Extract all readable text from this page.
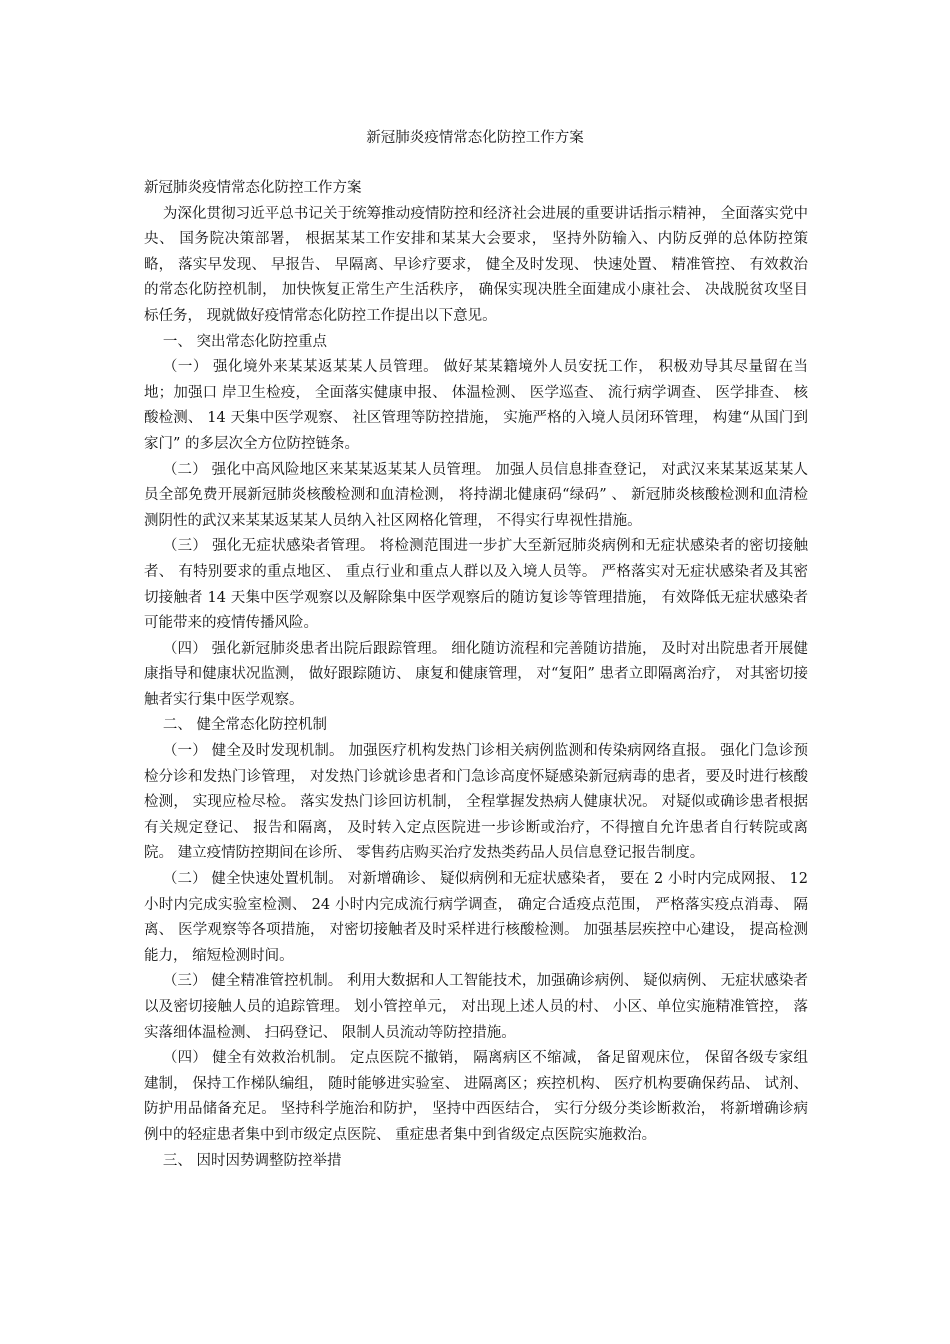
新冠肺炎疫情常态化防控工作方案

新冠肺炎疫情常态化防控工作方案

为深化贯彻习近平总书记关于统筹推动疫情防控和经济社会进展的重要讲话指示精神， 全面落实党中央、 国务院决策部署， 根据某某工作安排和某某大会要求， 坚持外防输入、内防反弹的总体防控策略， 落实早发现、 早报告、 早隔离、早诊疗要求， 健全及时发现、 快速处置、 精准管控、 有效救治的常态化防控机制， 加快恢复正常生产生活秩序， 确保实现决胜全面建成小康社会、 决战脱贫攻坚目 标任务， 现就做好疫情常态化防控工作提出以下意见。

一、 突出常态化防控重点

（一） 强化境外来某某返某某人员管理。 做好某某籍境外人员安抚工作， 积极劝导其尽量留在当地；加强口 岸卫生检疫， 全面落实健康申报、 体温检测、 医学巡查、 流行病学调查、 医学排查、 核酸检测、 14 天集中医学观察、 社区管理等防控措施， 实施严格的入境人员闭环管理， 构建“从国门到家门” 的多层次全方位防控链条。

（二） 强化中高风险地区来某某返某某人员管理。 加强人员信息排查登记， 对武汉来某某返某某人员全部免费开展新冠肺炎核酸检测和血清检测， 将持湖北健康码“绿码” 、 新冠肺炎核酸检测和血清检测阴性的武汉来某某返某某人员纳入社区网格化管理， 不得实行卑视性措施。

（三） 强化无症状感染者管理。 将检测范围进一步扩大至新冠肺炎病例和无症状感染者的密切接触者、 有特别要求的重点地区、 重点行业和重点人群以及入境人员等。 严格落实对无症状感染者及其密切接触者 14 天集中医学观察以及解除集中医学观察后的随访复诊等管理措施， 有效降低无症状感染者可能带来的疫情传播风险。

（四） 强化新冠肺炎患者出院后跟踪管理。 细化随访流程和完善随访措施， 及时对出院患者开展健康指导和健康状况监测， 做好跟踪随访、 康复和健康管理， 对“复阳” 患者立即隔离治疗， 对其密切接触者实行集中医学观察。

二、 健全常态化防控机制

（一） 健全及时发现机制。 加强医疗机构发热门诊相关病例监测和传染病网络直报。 强化门急诊预检分诊和发热门诊管理， 对发热门诊就诊患者和门急诊高度怀疑感染新冠病毒的患者，要及时进行核酸检测， 实现应检尽检。 落实发热门诊回访机制， 全程掌握发热病人健康状况。 对疑似或确诊患者根据有关规定登记、 报告和隔离， 及时转入定点医院进一步诊断或治疗，不得擅自允许患者自行转院或离院。 建立疫情防控期间在诊所、 零售药店购买治疗发热类药品人员信息登记报告制度。

（二） 健全快速处置机制。 对新增确诊、 疑似病例和无症状感染者， 要在 2 小时内完成网报、 12 小时内完成实验室检测、 24 小时内完成流行病学调查， 确定合适疫点范围， 严格落实疫点消毒、 隔离、 医学观察等各项措施， 对密切接触者及时采样进行核酸检测。 加强基层疾控中心建设， 提高检测能力， 缩短检测时间。

（三） 健全精准管控机制。 利用大数据和人工智能技术，加强确诊病例、 疑似病例、 无症状感染者以及密切接触人员的追踪管理。 划小管控单元， 对出现上述人员的村、 小区、单位实施精准管控， 落实落细体温检测、 扫码登记、 限制人员流动等防控措施。

（四） 健全有效救治机制。 定点医院不撤销， 隔离病区不缩减， 备足留观床位， 保留各级专家组建制， 保持工作梯队编组， 随时能够进实验室、 进隔离区；疾控机构、 医疗机构要确保药品、 试剂、 防护用品储备充足。 坚持科学施治和防护， 坚持中西医结合， 实行分级分类诊断救治， 将新增确诊病例中的轻症患者集中到市级定点医院、 重症患者集中到省级定点医院实施救治。

三、 因时因势调整防控举措
